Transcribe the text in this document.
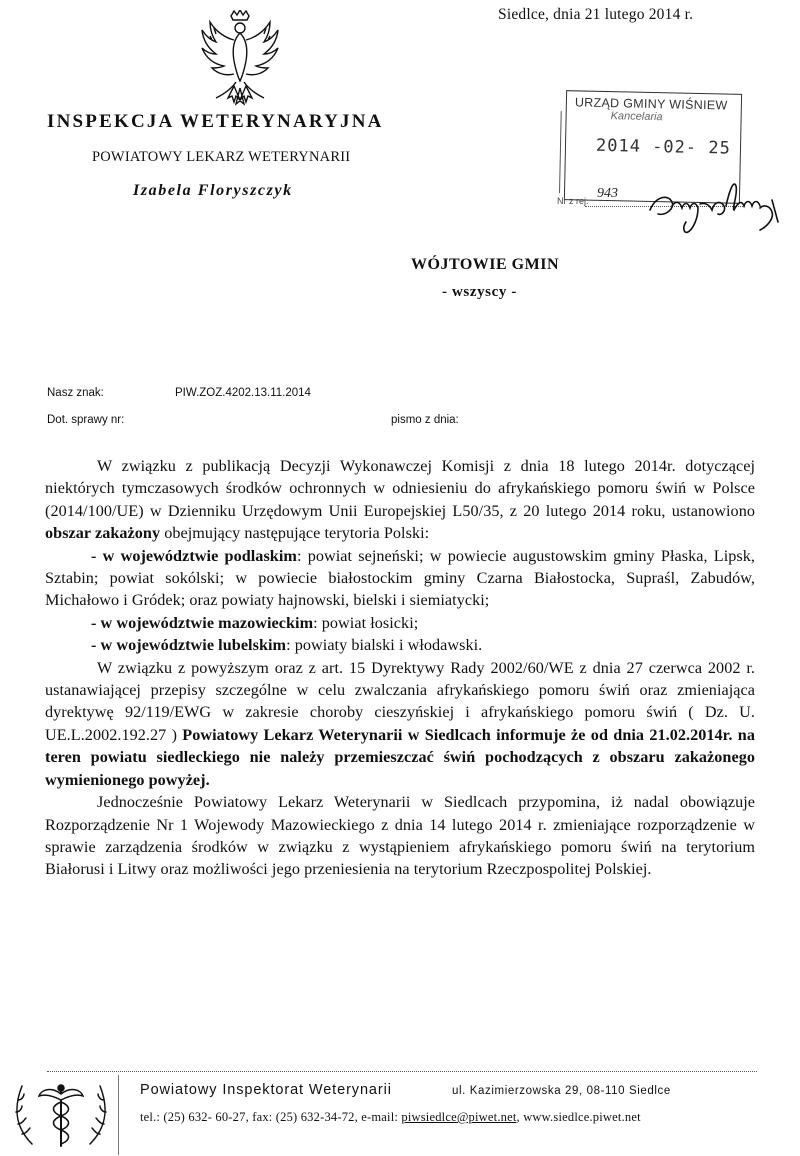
Siedlce, dnia 21 lutego 2014 r.
INSPEKCJA WETERYNARYJNA
POWIATOWY LEKARZ WETERYNARII
Izabela Floryszczyk
URZĄD GMINY WIŚNIEW
Kancelaria
2014 -02- 25
Nr z rej. 943
WÓJTOWIE GMIN
- wszyscy -
Nasz znak:	PIW.ZOZ.4202.13.11.2014
Dot. sprawy nr:	pismo z dnia:

W związku z publikacją Decyzji Wykonawczej Komisji z dnia 18 lutego 2014r. dotyczącej niektórych tymczasowych środków ochronnych w odniesieniu do afrykańskiego pomoru świń w Polsce (2014/100/UE) w Dzienniku Urzędowym Unii Europejskiej L50/35, z 20 lutego 2014 roku, ustanowiono obszar zakażony obejmujący następujące terytoria Polski:

- w województwie podlaskim: powiat sejneński; w powiecie augustowskim gminy Płaska, Lipsk, Sztabin; powiat sokólski; w powiecie białostockim gminy Czarna Białostocka, Supraśl, Zabudów, Michałowo i Gródek; oraz powiaty hajnowski, bielski i siemiatycki;

- w województwie mazowieckim: powiat łosicki;

- w województwie lubelskim: powiaty bialski i włodawski.

W związku z powyższym oraz z art. 15 Dyrektywy Rady 2002/60/WE z dnia 27 czerwca 2002 r. ustanawiającej przepisy szczególne w celu zwalczania afrykańskiego pomoru świń oraz zmieniająca dyrektywę 92/119/EWG w zakresie choroby cieszyńskiej i afrykańskiego pomoru świń ( Dz. U. UE.L.2002.192.27 ) Powiatowy Lekarz Weterynarii w Siedlcach informuje że od dnia 21.02.2014r. na teren powiatu siedleckiego nie należy przemieszczać świń pochodzących z obszaru zakażonego wymienionego powyżej.

Jednocześnie Powiatowy Lekarz Weterynarii w Siedlcach przypomina, iż nadal obowiązuje Rozporządzenie Nr 1 Wojewody Mazowieckiego z dnia 14 lutego 2014 r. zmieniające rozporządzenie w sprawie zarządzenia środków w związku z wystąpieniem afrykańskiego pomoru świń na terytorium Białorusi i Litwy oraz możliwości jego przeniesienia na terytorium Rzeczpospolitej Polskiej.

Powiatowy Inspektorat Weterynarii	ul. Kazimierzowska 29, 08-110 Siedlce
tel.: (25) 632- 60-27, fax: (25) 632-34-72, e-mail: piwsiedlce@piwet.net, www.siedlce.piwet.net
